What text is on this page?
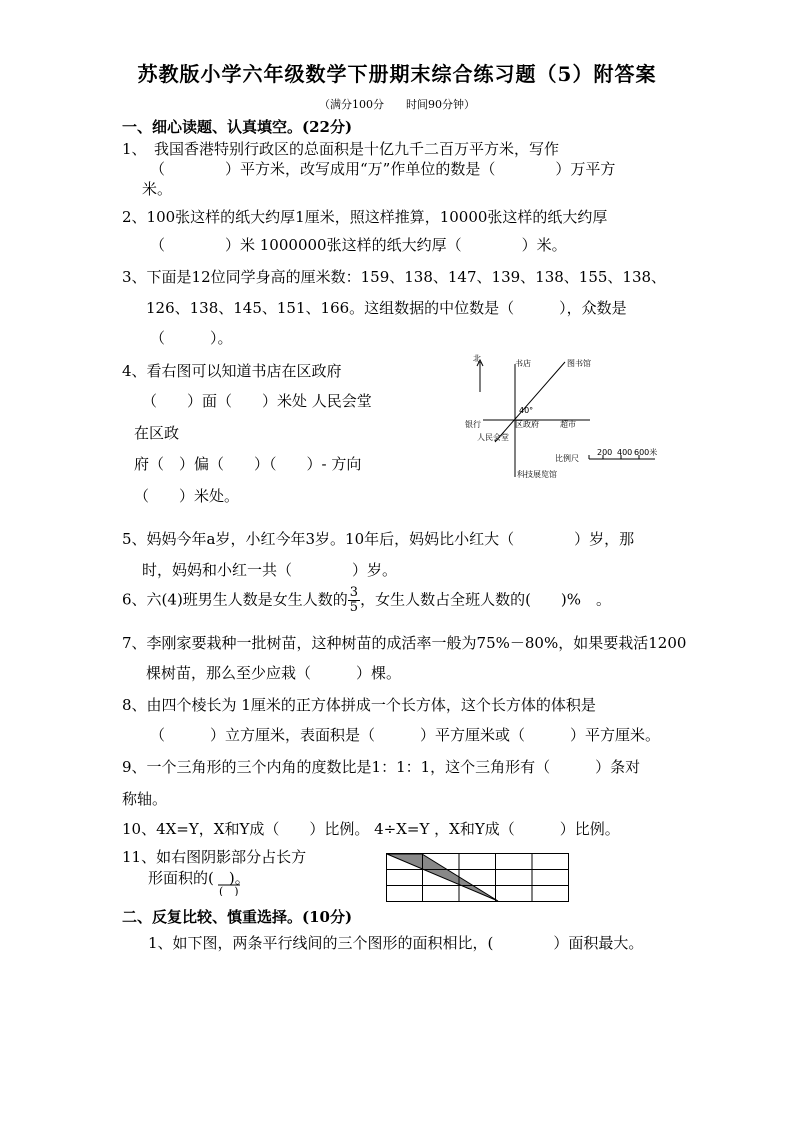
苏教版小学六年级数学下册期末综合练习题（5）附答案
（满分100分　　时间90分钟）
一、细心读题、认真填空。(22分)
1、　我国香港特别行政区的总面积是十亿九千二百万平方米，写作
（　　　　）平方米，改写成用“万”作单位的数是（　　　　）万平方
米。
2、100张这样的纸大约厚1厘米，照这样推算，10000张这样的纸大约厚
（　　　　）米 1000000张这样的纸大约厚（　　　　）米。
3、下面是12位同学身高的厘米数：159、138、147、139、138、155、138、
126、138、145、151、166。这组数据的中位数是（　　　），众数是
（　　　）。
4、看右图可以知道书店在区政府
（　　）面（　　）米处 人民会堂
在区政
府（　）偏（　　）（　　）- 方向
（　　）米处。
北
书店	图书馆
银行	区政府	超市
人民会堂
40°
比例尺
200 400 600米
科技展览馆
5、妈妈今年a岁，小红今年3岁。10年后，妈妈比小红大（　　　　）岁，那
时，妈妈和小红一共（　　　　）岁。
6、六(4)班男生人数是女生人数的 $\frac{3}{5}$ ，女生人数占全班人数的(　　)%　。
7、李刚家要栽种一批树苗，这种树苗的成活率一般为75%－80%，如果要栽活1200
棵树苗，那么至少应栽（　　　）棵。
8、由四个棱长为 1厘米的正方体拼成一个长方体，这个长方体的体积是
（　　　）立方厘米，表面积是（　　　）平方厘米或（　　　）平方厘米。
9、一个三角形的三个内角的度数比是1：1：1，这个三角形有（　　　）条对
称轴。
10、4X=Y，X和Y成（　　）比例。 4÷X=Y ，X和Y成（　　　）比例。
11、如右图阴影部分占长方
形面积的(　)。
(　)
二、反复比较、慎重选择。(10分)
1、如下图，两条平行线间的三个图形的面积相比，(　　　　）面积最大。
